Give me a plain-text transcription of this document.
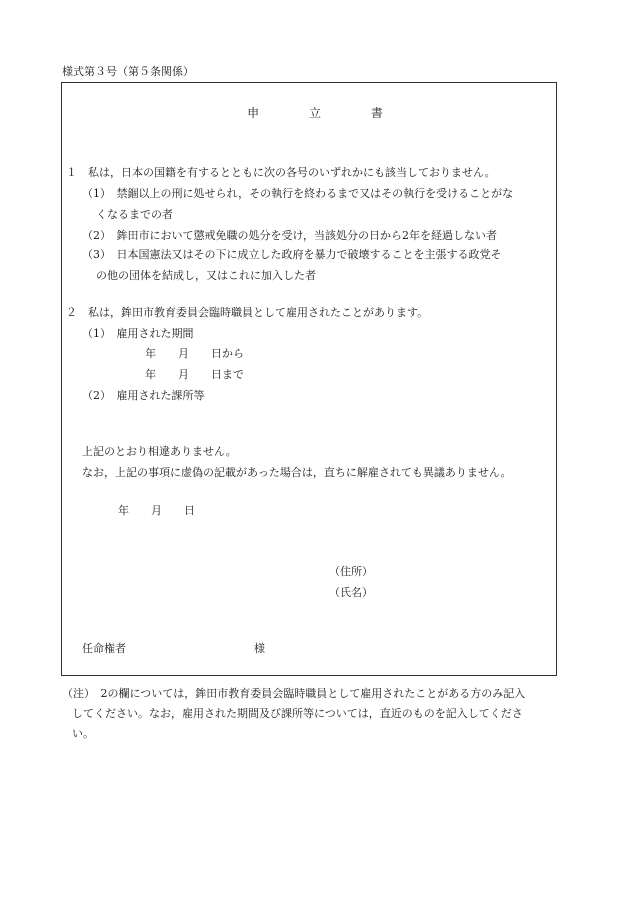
様式第３号（第５条関係）
申	立	書
１　私は，日本の国籍を有するとともに次の各号のいずれかにも該当しておりません。
（1）　禁錮以上の刑に処せられ，その執行を終わるまで又はその執行を受けることがな
くなるまでの者
（2）　鉾田市において懲戒免職の処分を受け，当該処分の日から2年を経過しない者
（3）　日本国憲法又はその下に成立した政府を暴力で破壊することを主張する政党そ
の他の団体を結成し，又はこれに加入した者
２　私は，鉾田市教育委員会臨時職員として雇用されたことがあります。
（1）　雇用された期間
年　　月　　日から
年　　月　　日まで
（2）　雇用された課所等
上記のとおり相違ありません。
なお，上記の事項に虚偽の記載があった場合は，直ちに解雇されても異議ありません。
年　　月　　日
（住所）
（氏名）
任命権者	様
（注）　2の欄については，鉾田市教育委員会臨時職員として雇用されたことがある方のみ記入
してください。なお，雇用された期間及び課所等については，直近のものを記入してくださ
い。
